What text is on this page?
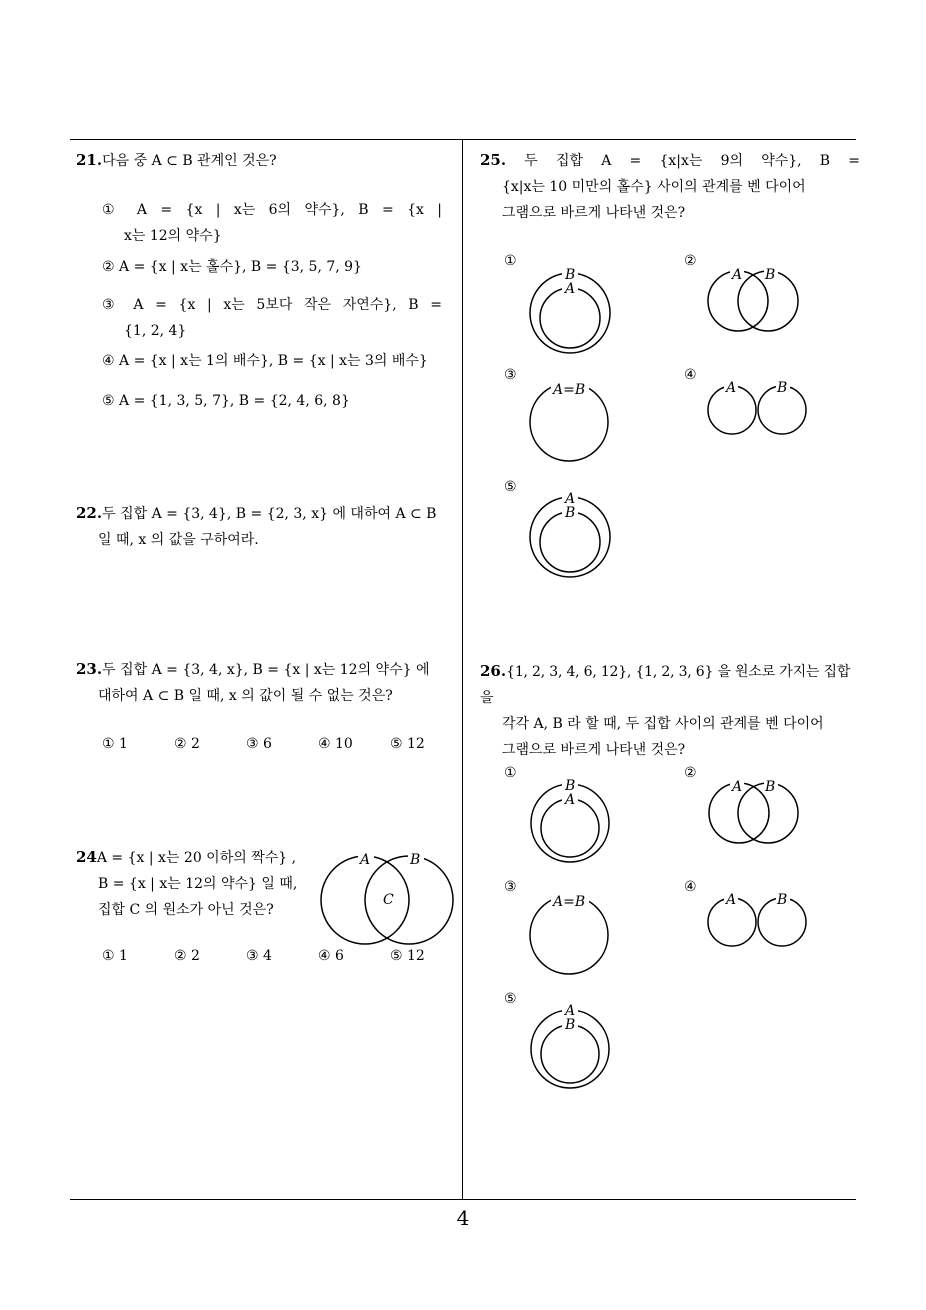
21.다음 중 A ⊂ B 관계인 것은?
① A = {x | x는 6의 약수}, B = {x |
x는 12의 약수}
② A = {x | x는 홀수}, B = {3, 5, 7, 9}
③ A = {x | x는 5보다 작은 자연수}, B =
{1, 2, 4}
④ A = {x | x는 1의 배수}, B = {x | x는 3의 배수}
⑤ A = {1, 3, 5, 7}, B = {2, 4, 6, 8}
22.두 집합 A = {3, 4}, B = {2, 3, x} 에 대하여 A ⊂ B
일 때, x 의 값을 구하여라.
23.두 집합 A = {3, 4, x}, B = {x | x는 12의 약수} 에
대하여 A ⊂ B 일 때, x 의 값이 될 수 없는 것은?
① 1	② 2	③ 6	④ 10	⑤ 12
24A = {x | x는 20 이하의 짝수} ,
B = {x | x는 12의 약수} 일 때,
집합 C 의 원소가 아닌 것은?
A	B
C
① 1	② 2	③ 4	④ 6	⑤ 12
25. 두 집합 A = {x|x는 9의 약수}, B =
{x|x는 10 미만의 홀수} 사이의 관계를 벤 다이어
그램으로 바르게 나타낸 것은?
①
B
A
②
A B
③
A=B
④
A	B
⑤
A
B
26.{1, 2, 3, 4, 6, 12}, {1, 2, 3, 6} 을 원소로 가지는 집합을
각각 A, B 라 할 때, 두 집합 사이의 관계를 벤 다이어
그램으로 바르게 나타낸 것은?
①
B
A
②
A B
③
A=B
④
A	B
⑤
A
B
4
